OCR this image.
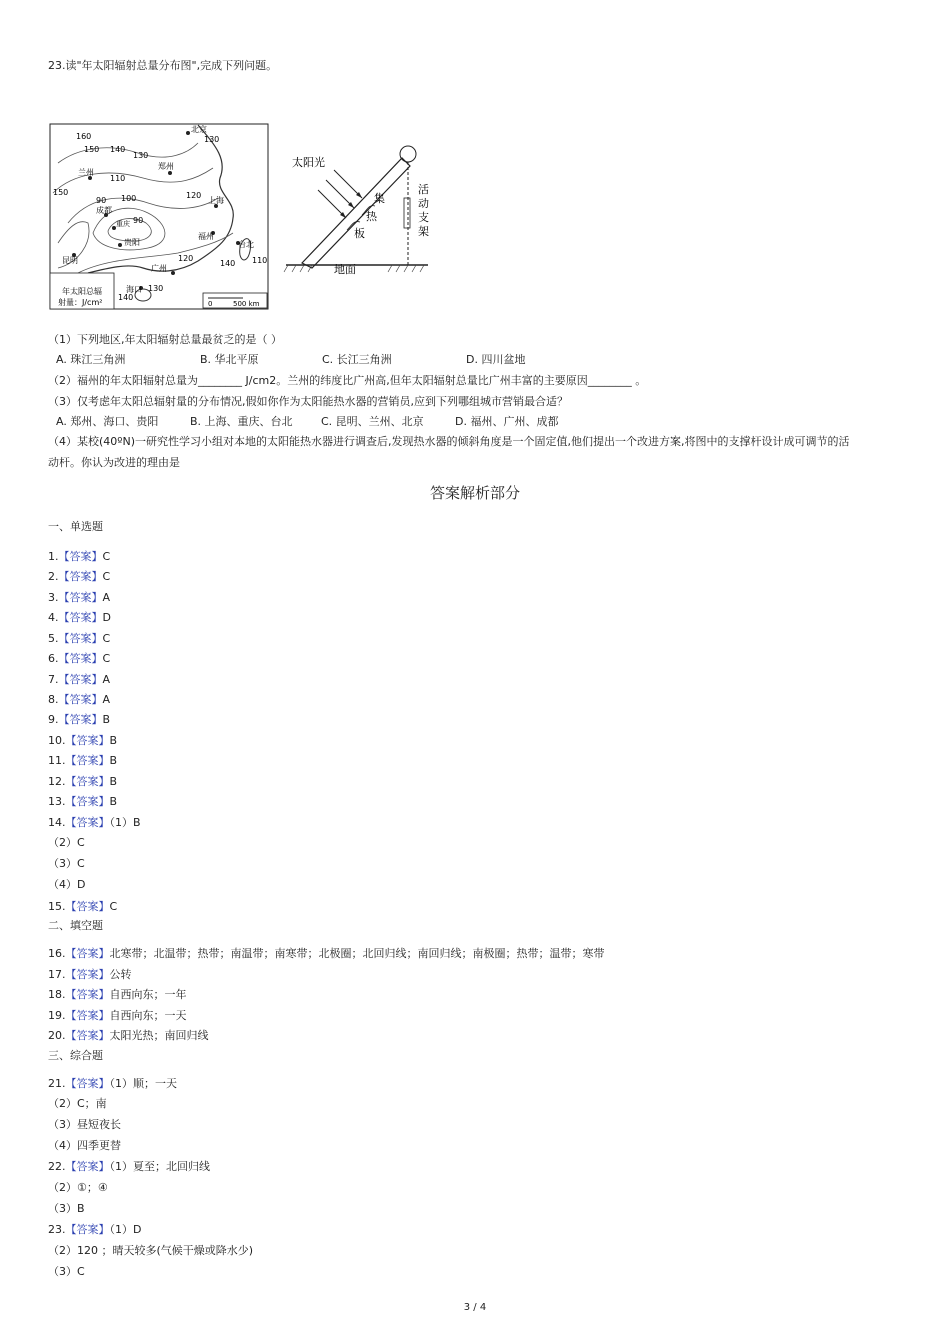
23.读"年太阳辐射总量分布图",完成下列问题。
北京
兰州
郑州
成都
重庆
贵阳
上海
福州
台北
广州
海口
昆明
160
150 140
130
150
110
120
100
90
90
130
120
140 110
130
140
年太阳总辐
射量：J/cm²	0	500 km
太阳光
集
热
板
活
动
支
架
地面
（1）下列地区,年太阳辐射总量最贫乏的是（ ）
A. 珠江三角洲	B. 华北平原	C. 长江三角洲	D. 四川盆地
（2）福州的年太阳辐射总量为________ J/cm2。兰州的纬度比广州高,但年太阳辐射总量比广州丰富的主要原因________ 。
（3）仅考虑年太阳总辐射量的分布情况,假如你作为太阳能热水器的营销员,应到下列哪组城市营销最合适？
A. 郑州、海口、贵阳	B. 上海、重庆、台北	C. 昆明、兰州、北京	D. 福州、广州、成都
（4）某校(40ºN)一研究性学习小组对本地的太阳能热水器进行调查后,发现热水器的倾斜角度是一个固定值,他们提出一个改进方案,将图中的支撑杆设计成可调节的活
动杆。你认为改进的理由是
答案解析部分
一、单选题
1.【答案】C
2.【答案】C
3.【答案】A
4.【答案】D
5.【答案】C
6.【答案】C
7.【答案】A
8.【答案】A
9.【答案】B
10.【答案】B
11.【答案】B
12.【答案】B
13.【答案】B
14.【答案】（1）B
15.【答案】C
16.【答案】北寒带；北温带；热带；南温带；南寒带；北极圈；北回归线；南回归线；南极圈；热带；温带；寒带
17.【答案】公转
18.【答案】自西向东；一年
19.【答案】自西向东；一天
20.【答案】太阳光热；南回归线
21.【答案】（1）顺；一天
22.【答案】（1）夏至；北回归线
23.【答案】（1）D
（2）C
（3）C
（4）D
二、填空题
三、综合题
（2）C；南
（3）昼短夜长
（4）四季更替
（2）①；④
（3）B
（2）120 ；晴天较多(气候干燥或降水少)
（3）C
3 / 4
